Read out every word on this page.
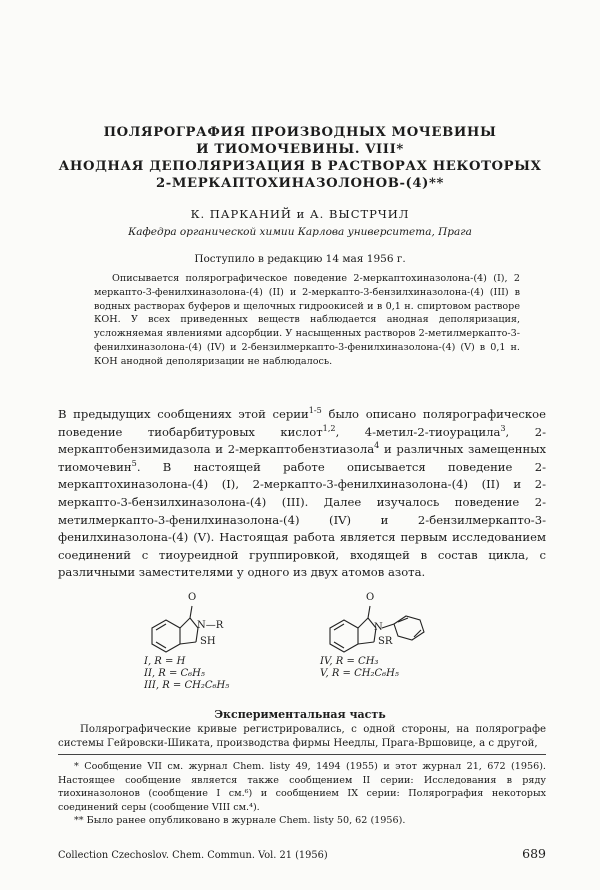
ПОЛЯРОГРАФИЯ ПРОИЗВОДНЫХ МОЧЕВИНЫ
И ТИОМОЧЕВИНЫ. VIII*
АНОДНАЯ ДЕПОЛЯРИЗАЦИЯ В РАСТВОРАХ НЕКОТОРЫХ
2-МЕРКАПТОХИНАЗОЛОНОВ-(4)**
К. ПАРКАНИЙ и А. ВЫСТРЧИЛ
Кафедра органической химии Карлова университета, Прага
Поступило в редакцию 14 мая 1956 г.

Описывается полярографическое поведение 2-меркаптохиназолона-(4) (I), 2 меркапто-3-фенилхиназолона-(4) (II) и 2-меркапто-3-бензилхиназолона-(4) (III) в водных растворах буферов и щелочных гидроокисей и в 0,1 н. спиртовом растворе КОН. У всех приведенных веществ наблюдается анодная деполяризация, усложняемая явлениями адсорбции. У насыщенных растворов 2-метилмеркапто-3-фенилхиназолона-(4) (IV) и 2-бензилмеркапто-3-фенилхиназолона-(4) (V) в 0,1 н. КОН анодной деполяризации не наблюдалось.

В предыдущих сообщениях этой серии$^{1-5}$ было описано полярографическое поведение тиобарбитуровых кислот$^{1,2}$, 4-метил-2-тиоурацила$^3$, 2-меркаптобензимидазола и 2-меркаптобензтиазола$^4$ и различных замещенных тиомочевин$^5$. В настоящей работе описывается поведение 2-меркаптохиназолона-(4) (I), 2-меркапто-3-фенилхиназолона-(4) (II) и 2-меркапто-3-бензилхиназолона-(4) (III). Далее изучалось поведение 2-метилмеркапто-3-фенилхиназолона-(4) (IV) и 2-бензилмеркапто-3-фенилхиназолона-(4) (V). Настоящая работа является первым исследованием соединений с тиоуреидной группировкой, входящей в состав цикла, с различными заместителями у одного из двух атомов азота.

O
N—R
SH
O
N
SR
I, R = H
II, R = C₆H₅
III, R = CH₂C₆H₅
IV, R = CH₃
V, R = CH₂C₆H₅
Экспериментальная часть

Полярографические кривые регистрировались, с одной стороны, на полярографе системы Гейровски-Шиката, производства фирмы Неедлы, Прага-Вршовице, а с другой,

* Сообщение VII см. журнал Chem. listy 49, 1494 (1955) и этот журнал 21, 672 (1956). Настоящее сообщение является также сообщением II серии: Исследования в ряду тиохиназолонов (сообщение I см.⁶) и сообщением IX серии: Полярография некоторых соединений серы (сообщение VIII см.⁴).

** Было ранее опубликовано в журнале Chem. listy 50, 62 (1956).

Collection Czechoslov. Chem. Commun. Vol. 21 (1956)	689
